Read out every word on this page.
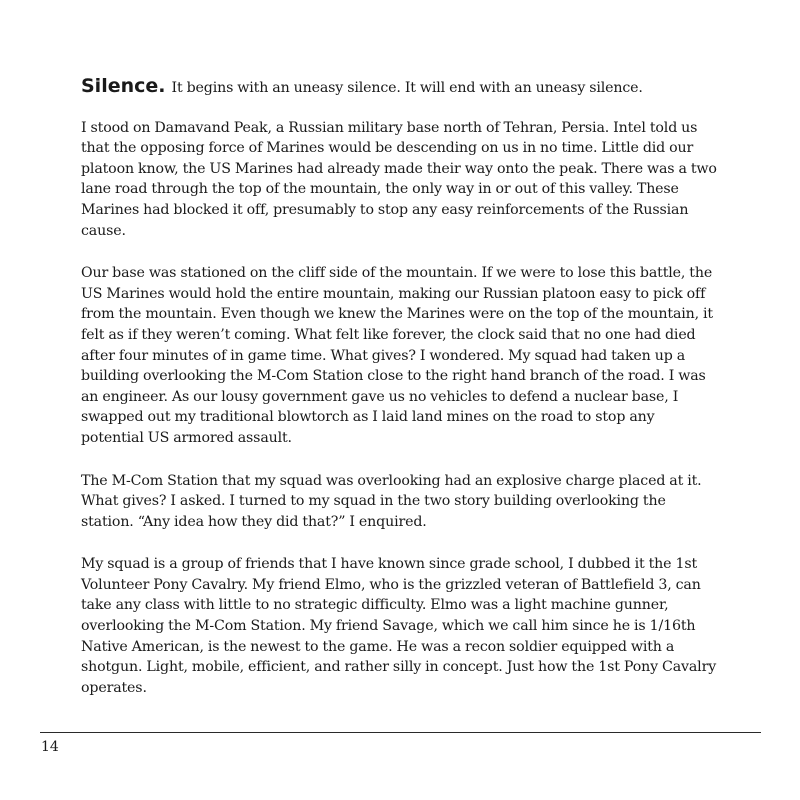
Silence. It begins with an uneasy silence. It will end with an uneasy silence.

I stood on Damavand Peak, a Russian military base north of Tehran, Persia. Intel told us that the opposing force of Marines would be descending on us in no time. Little did our platoon know, the US Marines had already made their way onto the peak. There was a two lane road through the top of the mountain, the only way in or out of this valley. These Marines had blocked it off, presumably to stop any easy reinforcements of the Russian cause.

Our base was stationed on the cliff side of the mountain. If we were to lose this battle, the US Marines would hold the entire mountain, making our Russian platoon easy to pick off from the mountain. Even though we knew the Marines were on the top of the mountain, it felt as if they weren’t coming. What felt like forever, the clock said that no one had died after four minutes of in game time. What gives? I wondered. My squad had taken up a building overlooking the M-Com Station close to the right hand branch of the road. I was an engineer. As our lousy government gave us no vehicles to defend a nuclear base, I swapped out my traditional blowtorch as I laid land mines on the road to stop any potential US armored assault.

The M-Com Station that my squad was overlooking had an explosive charge placed at it. What gives? I asked. I turned to my squad in the two story building overlooking the station. “Any idea how they did that?” I enquired.

My squad is a group of friends that I have known since grade school, I dubbed it the 1st Volunteer Pony Cavalry. My friend Elmo, who is the grizzled veteran of Battlefield 3, can take any class with little to no strategic difficulty. Elmo was a light machine gunner, overlooking the M-Com Station. My friend Savage, which we call him since he is 1/16th Native American, is the newest to the game. He was a recon soldier equipped with a shotgun. Light, mobile, efficient, and rather silly in concept. Just how the 1st Pony Cavalry operates.

14
